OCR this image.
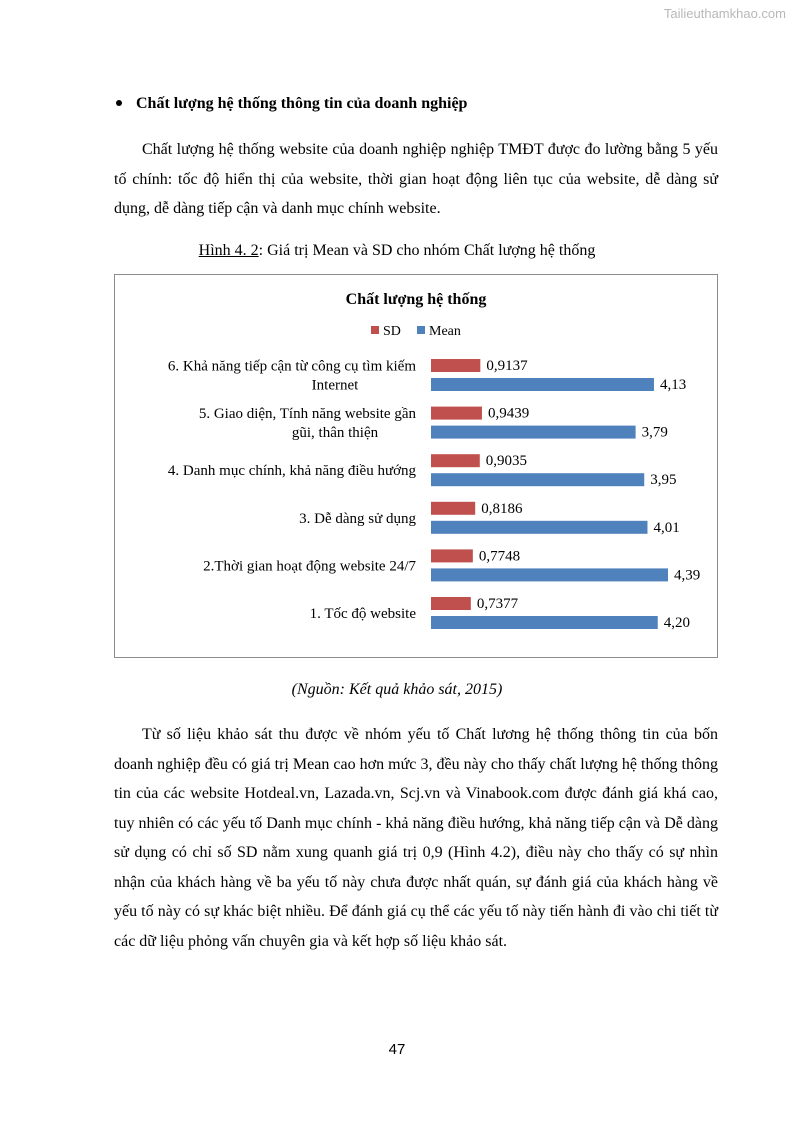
Tailieuthamkhao.com
Chất lượng hệ thống thông tin của doanh nghiệp

Chất lượng hệ thống website của doanh nghiệp nghiệp TMĐT được đo lường bằng 5 yếu tố chính: tốc độ hiển thị của website, thời gian hoạt động liên tục của website, dễ dàng sử dụng, dễ dàng tiếp cận và danh mục chính website.

Hình 4. 2: Giá trị Mean và SD cho nhóm Chất lượng hệ thống
Chất lượng hệ thống
SD Mean
6. Khả năng tiếp cận từ công cụ tìm kiếm
Internet
0,9137
4,13
5. Giao diện, Tính năng website gần
gũi, thân thiện
0,9439
3,79
4. Danh mục chính, khả năng điều hướng
0,9035
3,95
3. Dễ dàng sử dụng
0,8186
4,01
2.Thời gian hoạt động website 24/7
0,7748
4,39
1. Tốc độ website
0,7377
4,20
(Nguồn: Kết quả khảo sát, 2015)

Từ số liệu khảo sát thu được về nhóm yếu tố Chất lương hệ thống thông tin của bốn doanh nghiệp đều có giá trị Mean cao hơn mức 3, đều này cho thấy chất lượng hệ thống thông tin của các website Hotdeal.vn, Lazada.vn, Scj.vn và Vinabook.com được đánh giá khá cao, tuy nhiên có các yếu tố Danh mục chính - khả năng điều hướng, khả năng tiếp cận và Dễ dàng sử dụng có chỉ số SD nằm xung quanh giá trị 0,9 (Hình 4.2), điều này cho thấy có sự nhìn nhận của khách hàng về ba yếu tố này chưa được nhất quán, sự đánh giá của khách hàng về yếu tố này có sự khác biệt nhiều. Để đánh giá cụ thể các yếu tố này tiến hành đi vào chi tiết từ các dữ liệu phỏng vấn chuyên gia và kết hợp số liệu khảo sát.

47
